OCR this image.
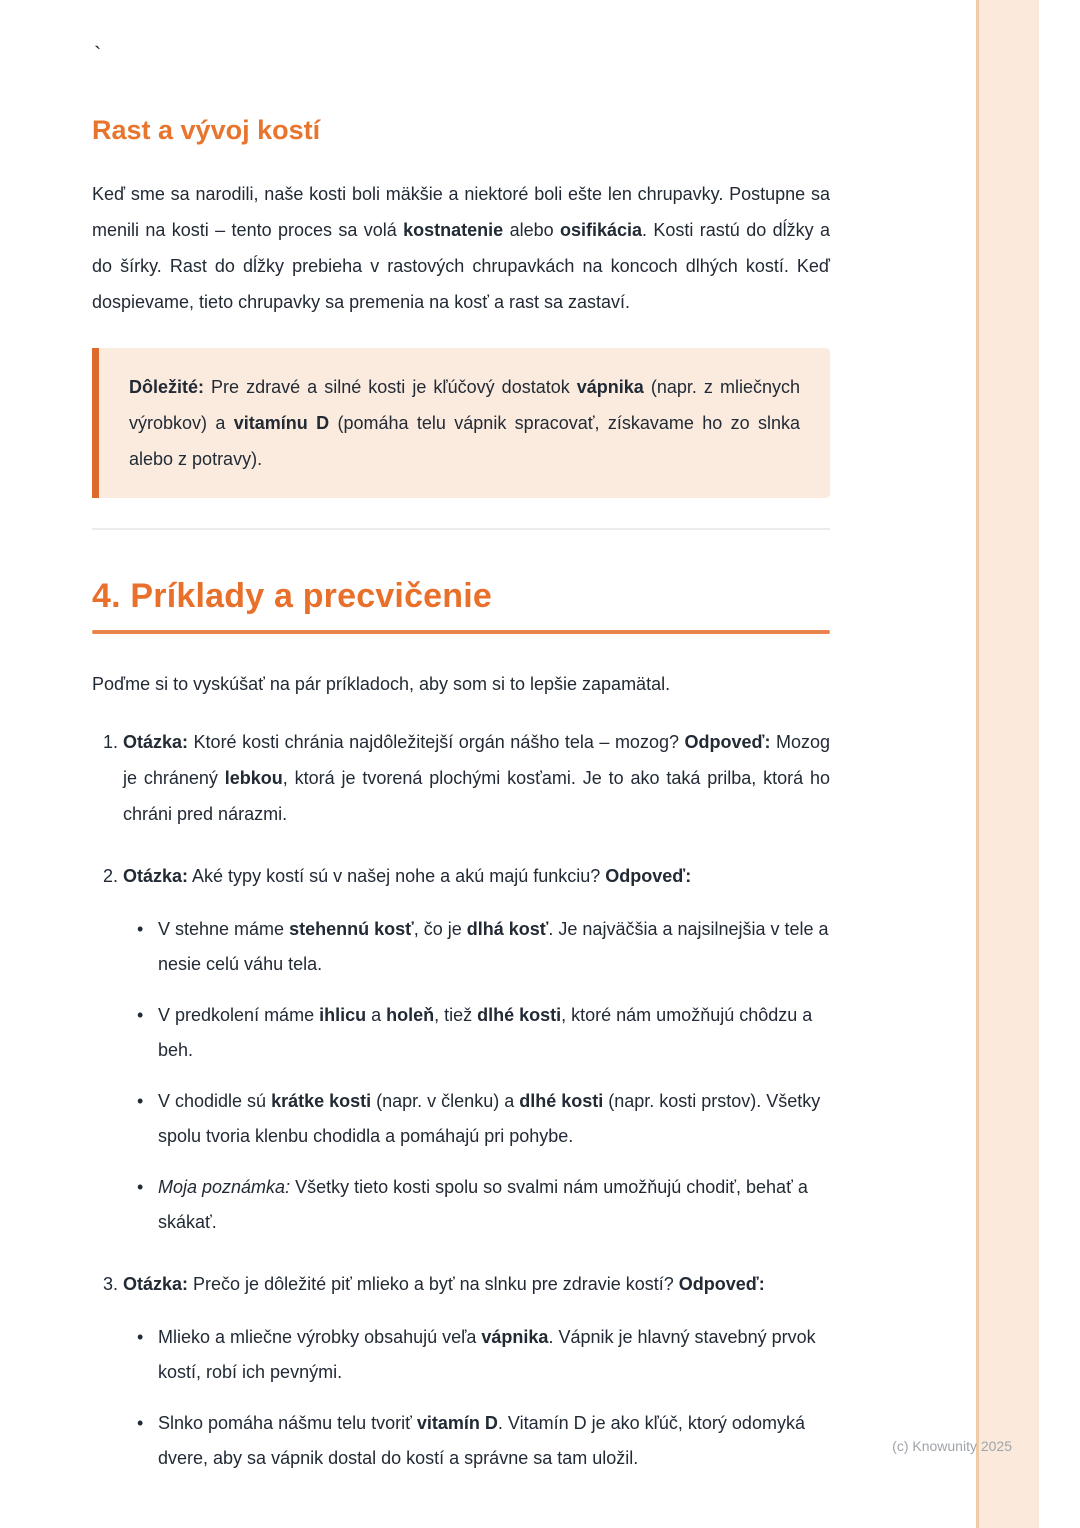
`
Rast a vývoj kostí

Keď sme sa narodili, naše kosti boli mäkšie a niektoré boli ešte len chrupavky. Postupne sa menili na kosti – tento proces sa volá kostnatenie alebo osifikácia. Kosti rastú do dĺžky a do šírky. Rast do dĺžky prebieha v rastových chrupavkách na koncoch dlhých kostí. Keď dospievame, tieto chrupavky sa premenia na kosť a rast sa zastaví.

Dôležité: Pre zdravé a silné kosti je kľúčový dostatok vápnika (napr. z mliečnych výrobkov) a vitamínu D (pomáha telu vápnik spracovať, získavame ho zo slnka alebo z potravy).

4. Príklady a precvičenie

Poďme si to vyskúšať na pár príkladoch, aby som si to lepšie zapamätal.

1. Otázka: Ktoré kosti chránia najdôležitejší orgán nášho tela – mozog? Odpoveď: Mozog je chránený lebkou, ktorá je tvorená plochými kosťami. Je to ako taká prilba, ktorá ho chráni pred nárazmi.
2. Otázka: Aké typy kostí sú v našej nohe a akú majú funkciu? Odpoveď:
• V stehne máme stehennú kosť, čo je dlhá kosť. Je najväčšia a najsilnejšia v tele a nesie celú váhu tela.
• V predkolení máme ihlicu a holeň, tiež dlhé kosti, ktoré nám umožňujú chôdzu a beh.
• V chodidle sú krátke kosti (napr. v členku) a dlhé kosti (napr. kosti prstov). Všetky spolu tvoria klenbu chodidla a pomáhajú pri pohybe.
• Moja poznámka: Všetky tieto kosti spolu so svalmi nám umožňujú chodiť, behať a skákať.
3. Otázka: Prečo je dôležité piť mlieko a byť na slnku pre zdravie kostí? Odpoveď:
• Mlieko a mliečne výrobky obsahujú veľa vápnika. Vápnik je hlavný stavebný prvok kostí, robí ich pevnými.
• Slnko pomáha nášmu telu tvoriť vitamín D. Vitamín D je ako kľúč, ktorý odomyká dvere, aby sa vápnik dostal do kostí a správne sa tam uložil.
(c) Knowunity 2025
